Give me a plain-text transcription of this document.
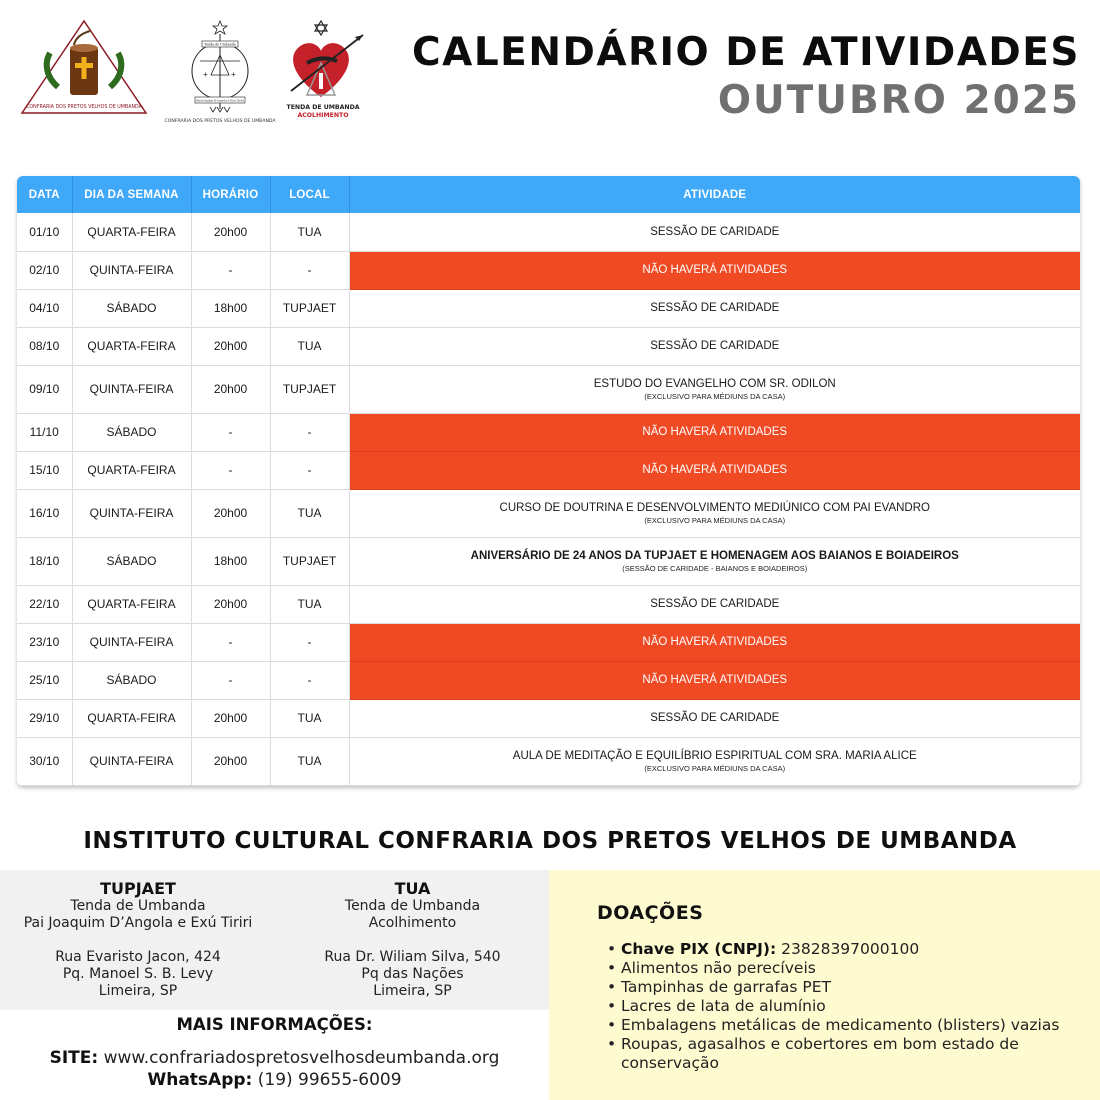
CONFRARIA DOS PRETOS VELHOS DE UMBANDA
Tenda de Umbanda
+	+
Pai Joaquim D'Angola e Exú Tiriri
CONFRARIA DOS PRETOS VELHOS DE UMBANDA
TENDA DE UMBANDA
ACOLHIMENTO
CALENDÁRIO DE ATIVIDADES
OUTUBRO 2025
DATA	DIA DA SEMANA	HORÁRIO	LOCAL	ATIVIDADE
01/10	QUARTA-FEIRA	20h00	TUA	SESSÃO DE CARIDADE

02/10	QUINTA-FEIRA	-	-	NÃO HAVERÁ ATIVIDADES

04/10	SÁBADO	18h00	TUPJAET	SESSÃO DE CARIDADE

08/10	QUARTA-FEIRA	20h00	TUA	SESSÃO DE CARIDADE

09/10	QUINTA-FEIRA	20h00	TUPJAET	ESTUDO DO EVANGELHO COM SR. ODILON
(EXCLUSIVO PARA MÉDIUNS DA CASA)

11/10	SÁBADO	-	-	NÃO HAVERÁ ATIVIDADES

15/10	QUARTA-FEIRA	-	-	NÃO HAVERÁ ATIVIDADES

16/10	QUINTA-FEIRA	20h00	TUA	CURSO DE DOUTRINA E DESENVOLVIMENTO MEDIÚNICO COM PAI EVANDRO
(EXCLUSIVO PARA MÉDIUNS DA CASA)

18/10	SÁBADO	18h00	TUPJAET	ANIVERSÁRIO DE 24 ANOS DA TUPJAET E HOMENAGEM AOS BAIANOS E BOIADEIROS
(SESSÃO DE CARIDADE - BAIANOS E BOIADEIROS)

22/10	QUARTA-FEIRA	20h00	TUA	SESSÃO DE CARIDADE

23/10	QUINTA-FEIRA	-	-	NÃO HAVERÁ ATIVIDADES

25/10	SÁBADO	-	-	NÃO HAVERÁ ATIVIDADES

29/10	QUARTA-FEIRA	20h00	TUA	SESSÃO DE CARIDADE

30/10	QUINTA-FEIRA	20h00	TUA	AULA DE MEDITAÇÃO E EQUILÍBRIO ESPIRITUAL COM SRA. MARIA ALICE
(EXCLUSIVO PARA MÉDIUNS DA CASA)
INSTITUTO CULTURAL CONFRARIA DOS PRETOS VELHOS DE UMBANDA
TUPJAET
Tenda de Umbanda
Pai Joaquim D’Angola e Exú Tiriri
Rua Evaristo Jacon, 424
Pq. Manoel S. B. Levy
Limeira, SP
TUA
Tenda de Umbanda
Acolhimento
Rua Dr. Wiliam Silva, 540
Pq das Nações
Limeira, SP
MAIS INFORMAÇÕES:
SITE: www.confrariadospretosvelhosdeumbanda.org
WhatsApp: (19) 99655-6009
DOAÇÕES
• Chave PIX (CNPJ): 23828397000100
• Alimentos não perecíveis
• Tampinhas de garrafas PET
• Lacres de lata de alumínio
• Embalagens metálicas de medicamento (blisters) vazias
• Roupas, agasalhos e cobertores em bom estado de conservação
